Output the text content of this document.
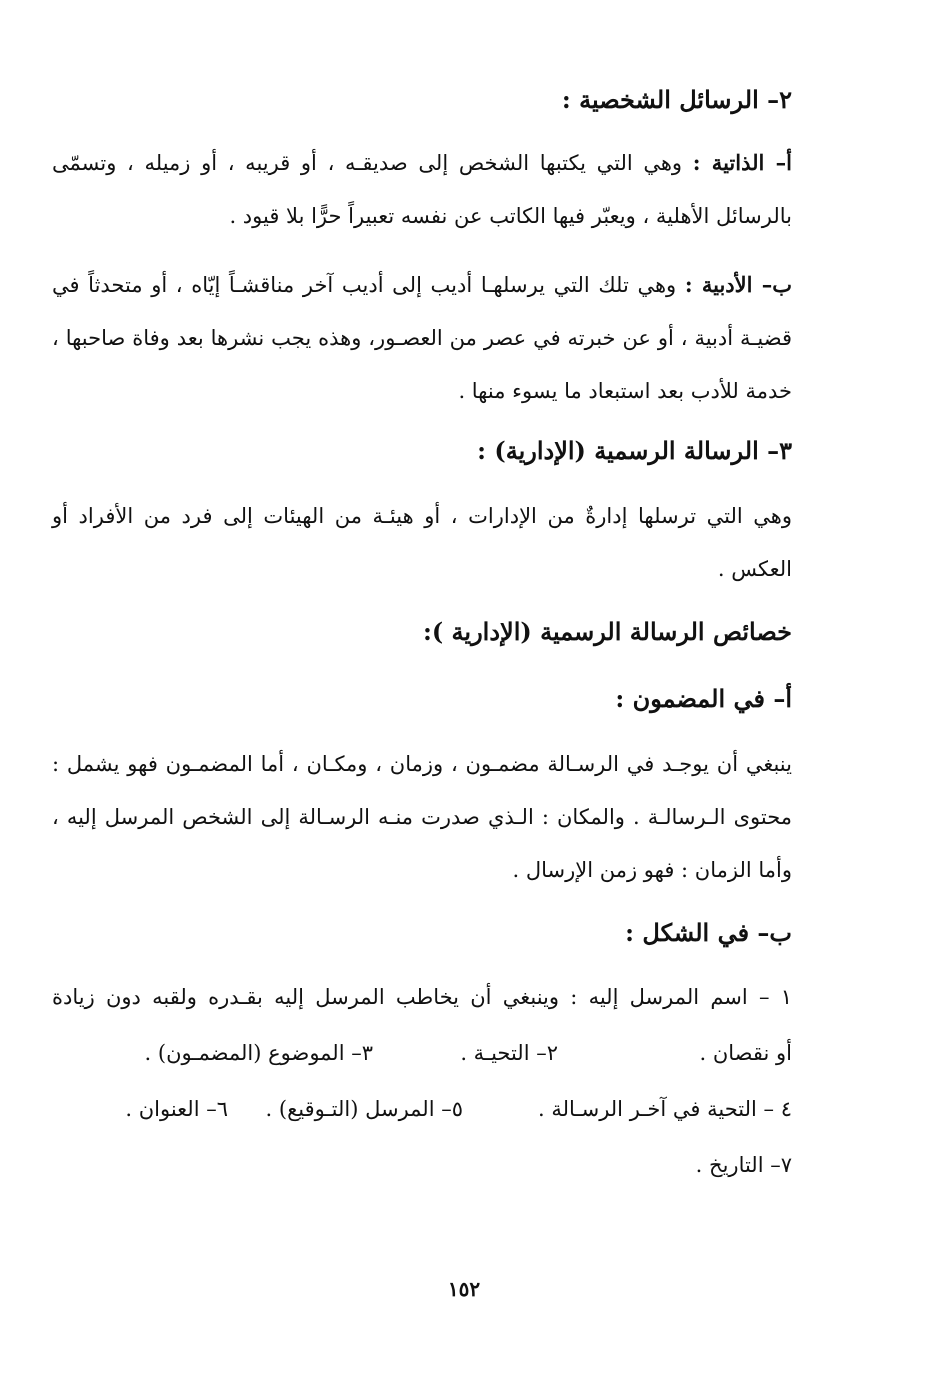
٢– الرسائل الشخصية :
أ– الذاتية : وهي التي يكتبها الشخص إلى صديقـه ، أو قريبه ، أو زميله ، وتسمّى بالرسائل الأهلية ، ويعبّر فيها الكاتب عن نفسه تعبيراً حرًّا بلا قيود .
ب– الأدبية : وهي تلك التي يرسلهـا أديب إلى أديب آخر مناقشـاً إيّاه ، أو متحدثاً في قضيـة أدبية ، أو عن خبرته في عصر من العصـور، وهذه يجب نشرها بعد وفاة صاحبها ، خدمة للأدب بعد استبعاد ما يسوء منها .
٣– الرسالة الرسمية (الإدارية) :
وهي التي ترسلها إدارةٌ من الإدارات ، أو هيئـة من الهيئات إلى فرد من الأفراد أو العكس .
خصائص الرسالة الرسمية (الإدارية ):
أ– في المضمون :
ينبغي أن يوجـد في الرسـالة مضمـون ، وزمان ، ومكـان ، أما المضمـون فهو يشمل : محتوى الـرسالـة . والمكان : الـذي صدرت منـه الرسـالة إلى الشخص المرسل إليه ، وأما الزمان : فهو زمن الإرسال .
ب– في الشكل :
١ – اسم المرسل إليه : وينبغي أن يخاطب المرسل إليه بقـدره ولقبه دون زيادة
أو نقصان .
٢– التحيـة .
٣– الموضوع (المضمـون) .
٤ – التحية في آخـر الرسـالة .
٥– المرسل (التـوقيع) .
٦– العنوان .
٧– التاريخ .
١٥٢
